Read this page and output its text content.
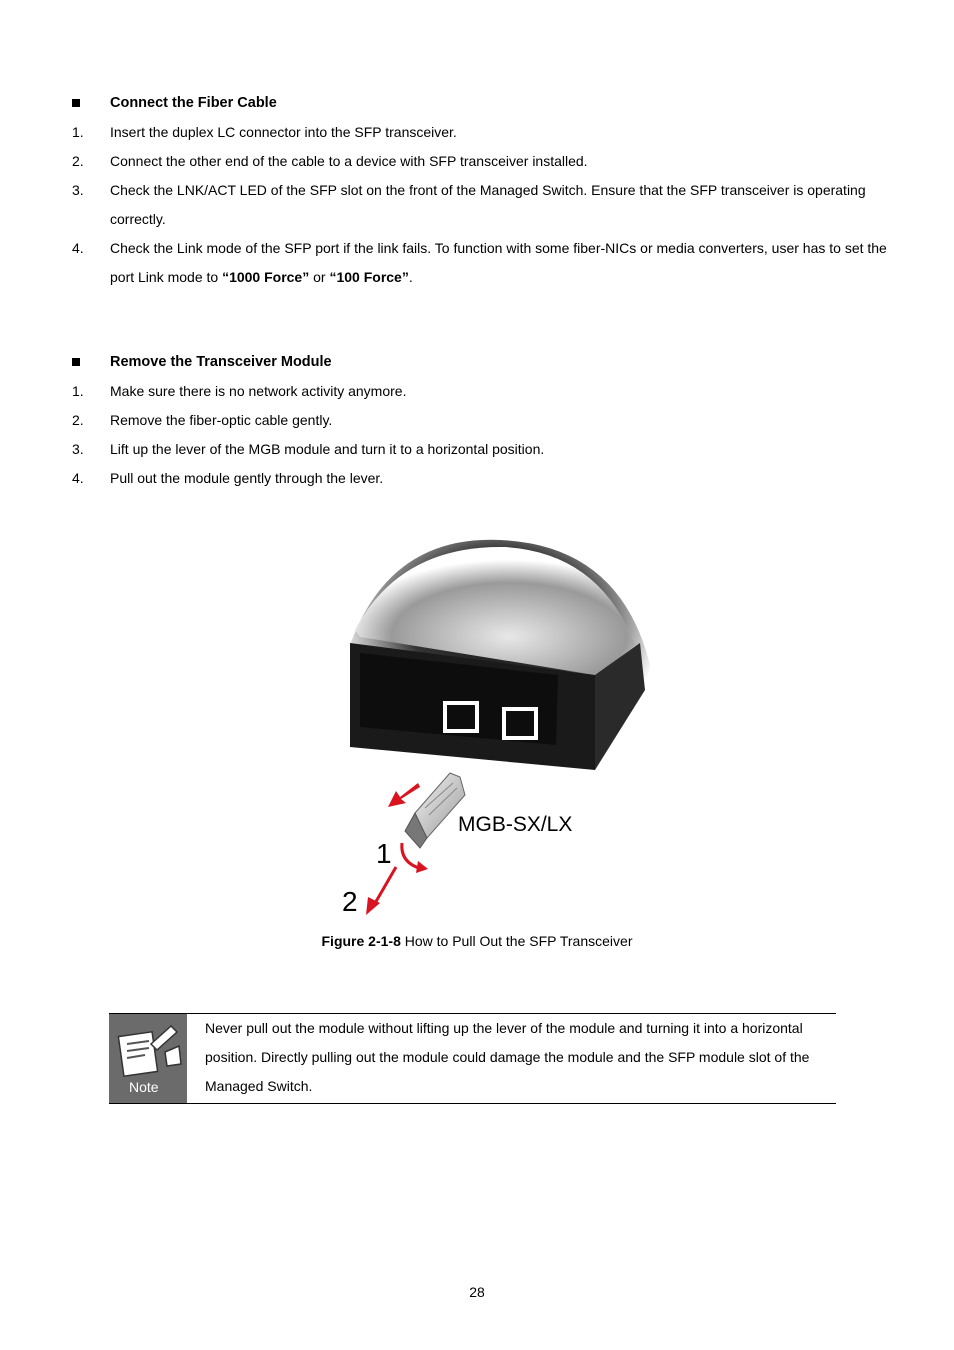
Connect the Fiber Cable
1. Insert the duplex LC connector into the SFP transceiver.
2. Connect the other end of the cable to a device with SFP transceiver installed.
3. Check the LNK/ACT LED of the SFP slot on the front of the Managed Switch. Ensure that the SFP transceiver is operating correctly.
4. Check the Link mode of the SFP port if the link fails. To function with some fiber-NICs or media converters, user has to set the port Link mode to “1000 Force” or “100 Force”.
Remove the Transceiver Module
1. Make sure there is no network activity anymore.
2. Remove the fiber-optic cable gently.
3. Lift up the lever of the MGB module and turn it to a horizontal position.
4. Pull out the module gently through the lever.
MGB-SX/LX
1
2
Figure 2-1-8 How to Pull Out the SFP Transceiver
Note
Never pull out the module without lifting up the lever of the module and turning it into a horizontal position. Directly pulling out the module could damage the module and the SFP module slot of the Managed Switch.
28
